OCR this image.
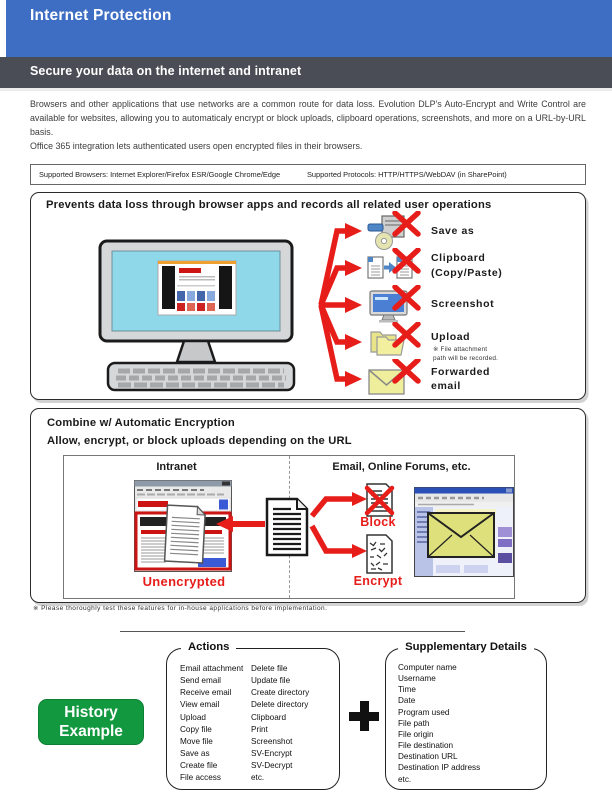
Internet Protection
Secure your data on the internet and intranet

Browsers and other applications that use networks are a common route for data loss. Evolution DLP's Auto-Encrypt and Write Control are available for websites, allowing you to automaticaly encrypt or block uploads, clipboard operations, screenshots, and more on a URL-by-URL basis.

Office 365 integration lets authenticated users open encrypted files in their browsers.

Supported Browsers: Internet Explorer/Firefox ESR/Google Chrome/Edge	Supported Protocols: HTTP/HTTPS/WebDAV (in SharePoint)
Prevents data loss through browser apps and records all related user operations
Save as
Clipboard
(Copy/Paste)
Screenshot
Upload
※ File attachment
path will be recorded.
Forwarded
email
Combine w/ Automatic Encryption
Allow, encrypt, or block uploads depending on the URL
Intranet	Email, Online Forums, etc.
Unencrypted
Block
Encrypt
※ Please thoroughly test these features for in-house applications before implementation.
History
Example
Actions
Email attachment
Send email
Receive email
View email
Upload
Copy file
Move file
Save as
Create file
File access
Delete file
Update file
Create directory
Delete directory
Clipboard
Print
Screenshot
SV-Encrypt
SV-Decrypt
etc.
Supplementary Details
Computer name
Username
Time
Date
Program used
File path
File origin
File destination
Destination URL
Destination IP address
etc.
